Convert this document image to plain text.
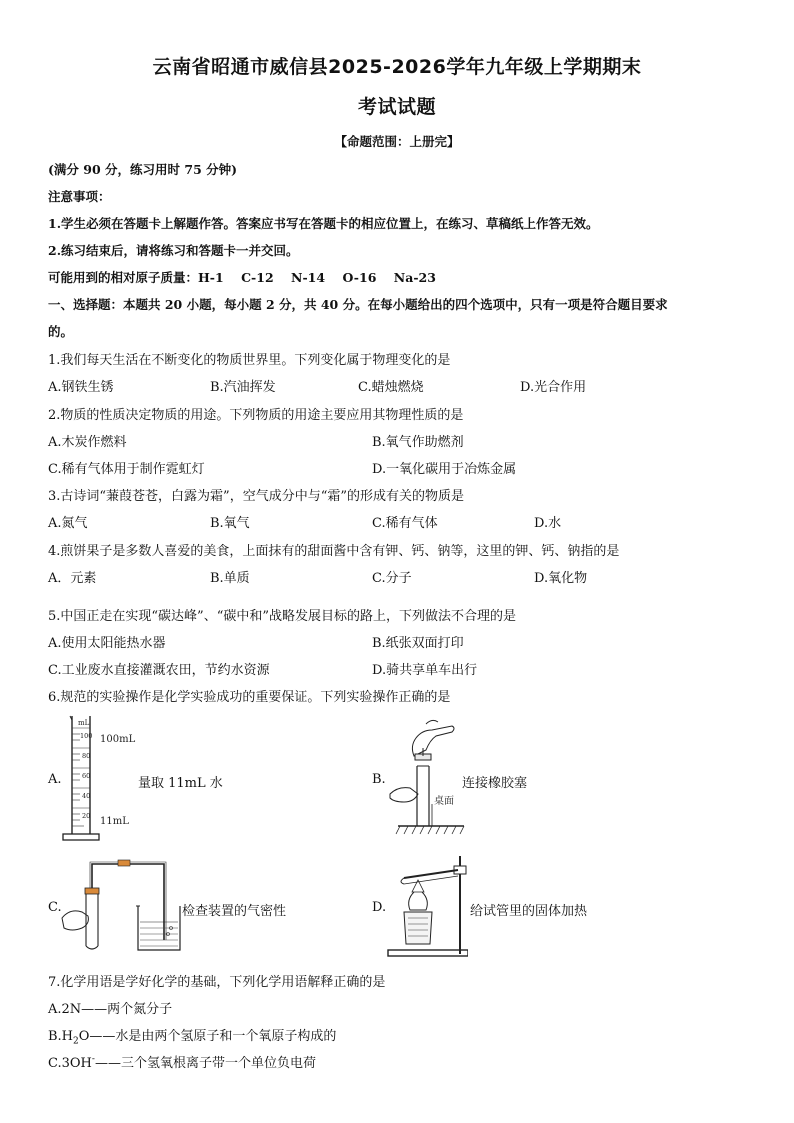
云南省昭通市威信县2025-2026学年九年级上学期期末
考试试题
【命题范围：上册完】
(满分 90 分，练习用时 75 分钟)
注意事项：
1.学生必须在答题卡上解题作答。答案应书写在答题卡的相应位置上，在练习、草稿纸上作答无效。
2.练习结束后，请将练习和答题卡一并交回。
可能用到的相对原子质量：H-1    C-12    N-14    O-16    Na-23
一、选择题：本题共 20 小题，每小题 2 分，共 40 分。在每小题给出的四个选项中，只有一项是符合题目要求
的。
1.我们每天生活在不断变化的物质世界里。下列变化属于物理变化的是
A.钢铁生锈	B.汽油挥发	C.蜡烛燃烧	D.光合作用
2.物质的性质决定物质的用途。下列物质的用途主要应用其物理性质的是
A.木炭作燃料	B.氧气作助燃剂
C.稀有气体用于制作霓虹灯	D.一氧化碳用于冶炼金属
3.古诗词“蒹葭苍苍，白露为霜”，空气成分中与“霜”的形成有关的物质是
A.氮气	B.氧气	C.稀有气体	D.水
4.煎饼果子是多数人喜爱的美食，上面抹有的甜面酱中含有钾、钙、钠等，这里的钾、钙、钠指的是
A．元素	B.单质	C.分子	D.氧化物
5.中国正走在实现“碳达峰”、“碳中和”战略发展目标的路上，下列做法不合理的是
A.使用太阳能热水器	B.纸张双面打印
C.工业废水直接灌溉农田，节约水资源	D.骑共享单车出行
6.规范的实验操作是化学实验成功的重要保证。下列实验操作正确的是
A.
mL
100
80
60
40
20
100mL
11mL
量取 11mL 水	B.
桌面
连接橡胶塞
C.	检查装置的气密性	D.	给试管里的固体加热
7.化学用语是学好化学的基础，下列化学用语解释正确的是
A.2N——两个氮分子
$B.H_2O——$水是由两个氢原子和一个氧原子构成的
C.3OH-——三个氢氧根离子带一个单位负电荷
